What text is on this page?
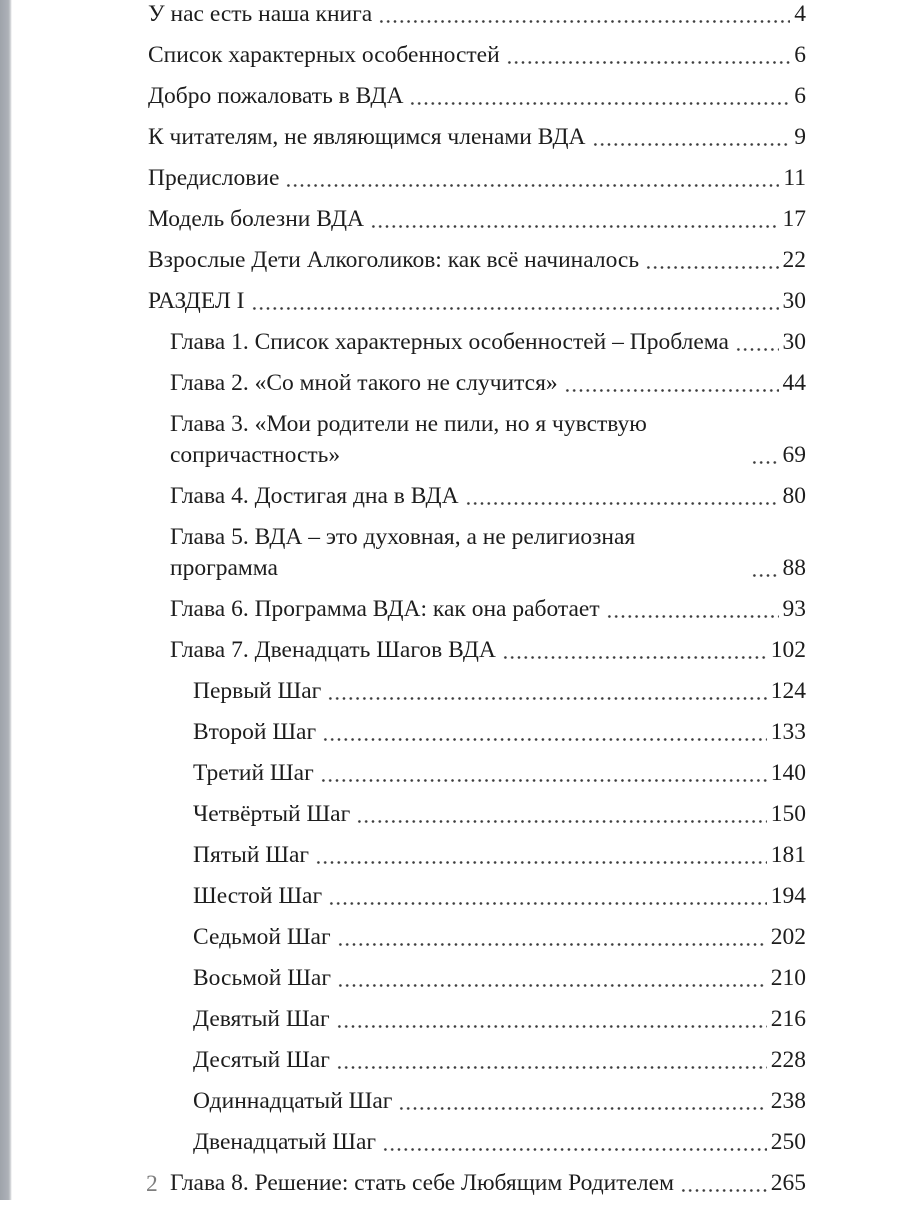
У нас есть наша книга	4
Список характерных особенностей	6
Добро пожаловать в ВДА	6
К читателям, не являющимся членами ВДА	9
Предисловие	11
Модель болезни ВДА	17
Взрослые Дети Алкоголиков: как всё начиналось	22
РАЗДЕЛ I	30
Глава 1. Список характерных особенностей – Проблема 30
Глава 2. «Со мной такого не случится»	44
Глава 3. «Мои родители не пили, но я чувствую сопричастность»	69
Глава 4. Достигая дна в ВДА	80
Глава 5. ВДА – это духовная, а не религиозная программа	88
Глава 6. Программа ВДА: как она работает	93
Глава 7. Двенадцать Шагов ВДА	102
Первый Шаг	124
Второй Шаг	133
Третий Шаг	140
Четвёртый Шаг	150
Пятый Шаг	181
Шестой Шаг	194
Седьмой Шаг	202
Восьмой Шаг	210
Девятый Шаг	216
Десятый Шаг	228
Одиннадцатый Шаг	238
Двенадцатый Шаг	250
Глава 8. Решение: стать себе Любящим Родителем	265
2
